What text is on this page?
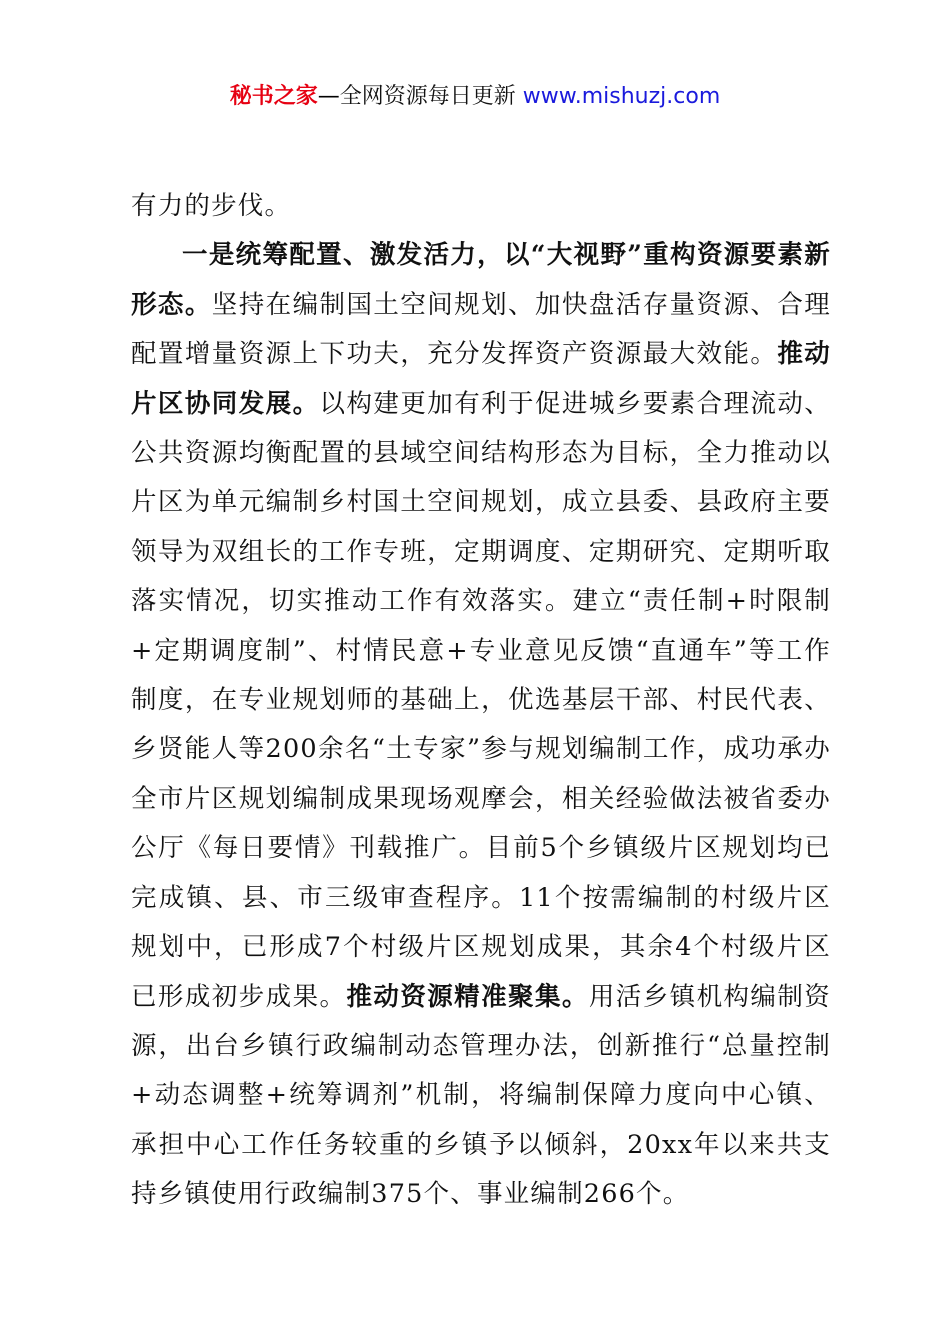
秘书之家—全网资源每日更新 www.mishuzj.com

有力的步伐。

一是统筹配置、激发活力，以“大视野”重构资源要素新形态。坚持在编制国土空间规划、加快盘活存量资源、合理配置增量资源上下功夫，充分发挥资产资源最大效能。推动片区协同发展。以构建更加有利于促进城乡要素合理流动、公共资源均衡配置的县域空间结构形态为目标，全力推动以片区为单元编制乡村国土空间规划，成立县委、县政府主要领导为双组长的工作专班，定期调度、定期研究、定期听取落实情况，切实推动工作有效落实。建立“责任制+时限制+定期调度制”、村情民意+专业意见反馈“直通车”等工作制度，在专业规划师的基础上，优选基层干部、村民代表、乡贤能人等200余名“土专家”参与规划编制工作，成功承办全市片区规划编制成果现场观摩会，相关经验做法被省委办公厅《每日要情》刊载推广。目前5个乡镇级片区规划均已完成镇、县、市三级审查程序。11个按需编制的村级片区规划中，已形成7个村级片区规划成果，其余4个村级片区已形成初步成果。推动资源精准聚集。用活乡镇机构编制资源，出台乡镇行政编制动态管理办法，创新推行“总量控制+动态调整+统筹调剂”机制，将编制保障力度向中心镇、承担中心工作任务较重的乡镇予以倾斜，20xx年以来共支持乡镇使用行政编制375个、事业编制266个。
